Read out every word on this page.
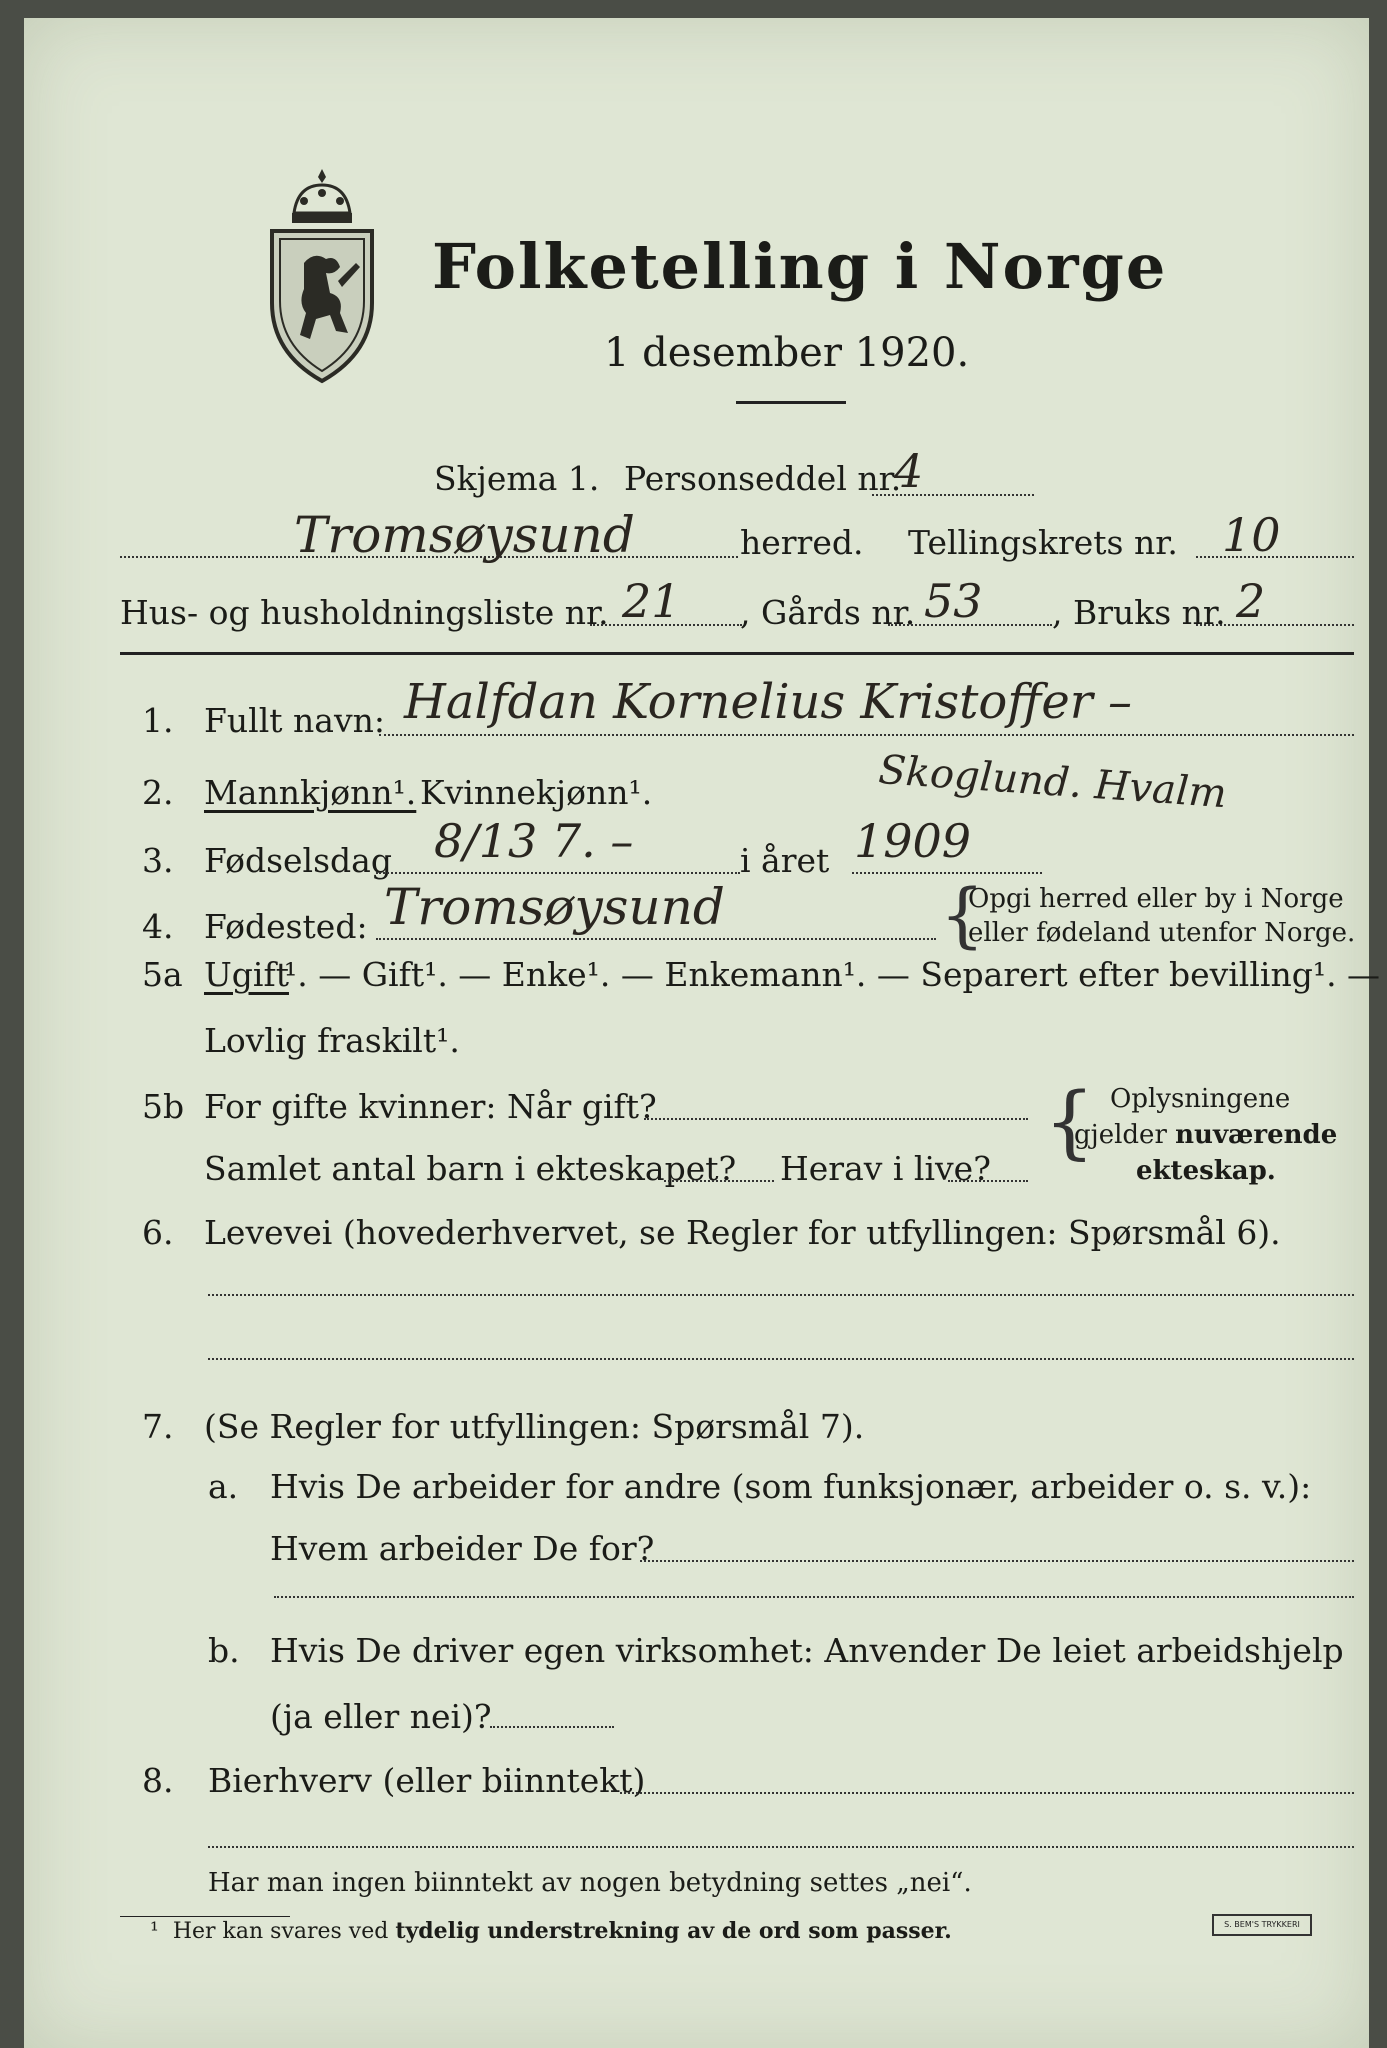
Folketelling i Norge
1 desember 1920.
Skjema 1. Personseddel nr.
4
Tromsøysund	herred. Tellingskrets nr. 10
Hus- og husholdningsliste nr. 21 , Gårds nr. 53 , Bruks nr. 2
1. Fullt navn: Halfdan Kornelius Kristoffer –
Skoglund. Hvalm
2. Mannkjønn¹. Kvinnekjønn¹.
3. Fødselsdag 8/13 7. –	i året 1909
4. Fødested: Tromsøysund	{
Opgi herred eller by i Norge
eller fødeland utenfor Norge.
5a Ugift
¹. — Gift¹. — Enke¹. — Enkemann¹. — Separert efter bevilling¹. —
Lovlig fraskilt¹.
5b For gifte kvinner: Når gift?
Samlet antal barn i ekteskapet? Herav i live?
{ Oplysningene
gjelder nuværende
ekteskap.
6. Levevei (hovederhvervet, se Regler for utfyllingen: Spørsmål 6).
7. (Se Regler for utfyllingen: Spørsmål 7).
a. Hvis De arbeider for andre (som funksjonær, arbeider o. s. v.):
Hvem arbeider De for?
b. Hvis De driver egen virksomhet: Anvender De leiet arbeidshjelp
(ja eller nei)?
8. Bierhverv (eller biinntekt)
Har man ingen biinntekt av nogen betydning settes „nei“.
¹ Her kan svares ved tydelig understrekning av de ord som passer.	S. BEM'S TRYKKERI
